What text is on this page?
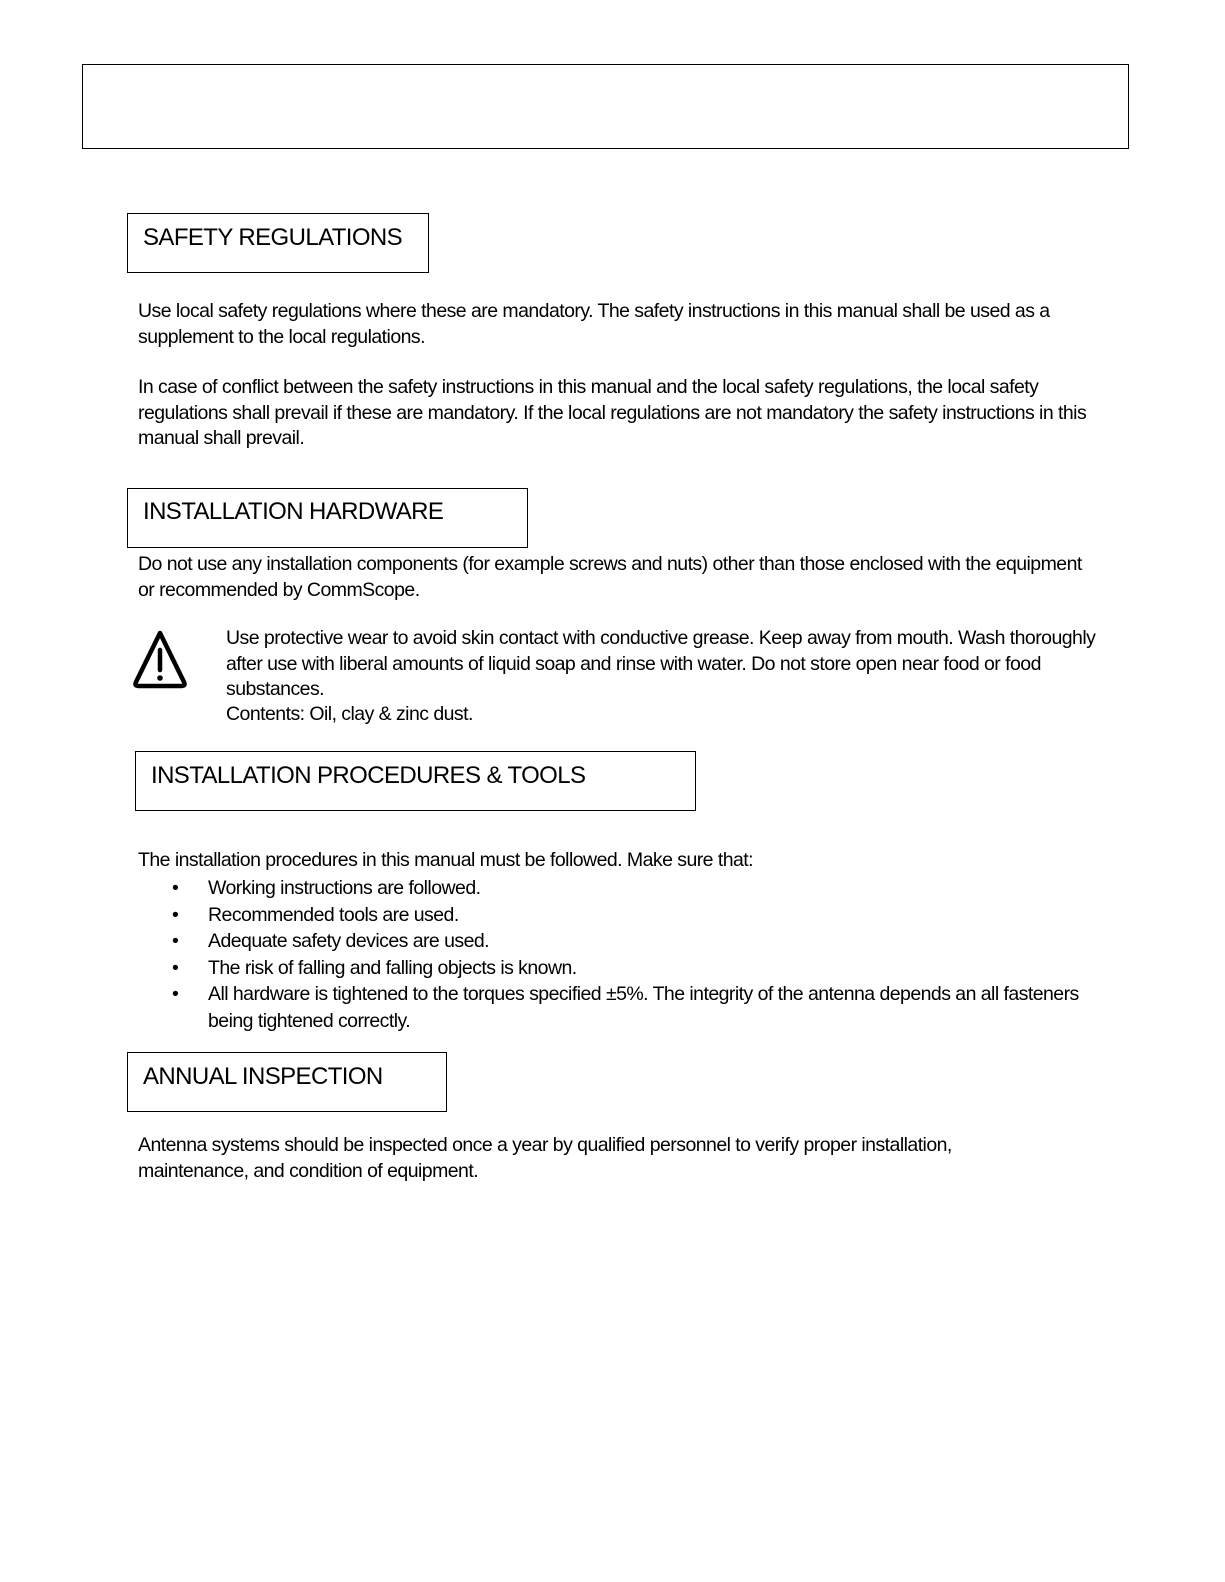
SAFETY REGULATIONS

Use local safety regulations where these are mandatory. The safety instructions in this manual shall be used as a supplement to the local regulations.

In case of conflict between the safety instructions in this manual and the local safety regulations, the local safety regulations shall prevail if these are mandatory. If the local regulations are not mandatory the safety instructions in this manual shall prevail.

INSTALLATION HARDWARE

Do not use any installation components (for example screws and nuts) other than those enclosed with the equipment or recommended by CommScope.

Use protective wear to avoid skin contact with conductive grease. Keep away from mouth. Wash thoroughly after use with liberal amounts of liquid soap and rinse with water. Do not store open near food or food substances.

Contents: Oil, clay & zinc dust.

INSTALLATION PROCEDURES & TOOLS

The installation procedures in this manual must be followed. Make sure that:

• Working instructions are followed.
• Recommended tools are used.
• Adequate safety devices are used.
• The risk of falling and falling objects is known.
• All hardware is tightened to the torques specified ±5%. The integrity of the antenna depends an all fasteners being tightened correctly.
ANNUAL INSPECTION

Antenna systems should be inspected once a year by qualified personnel to verify proper installation, maintenance, and condition of equipment.
